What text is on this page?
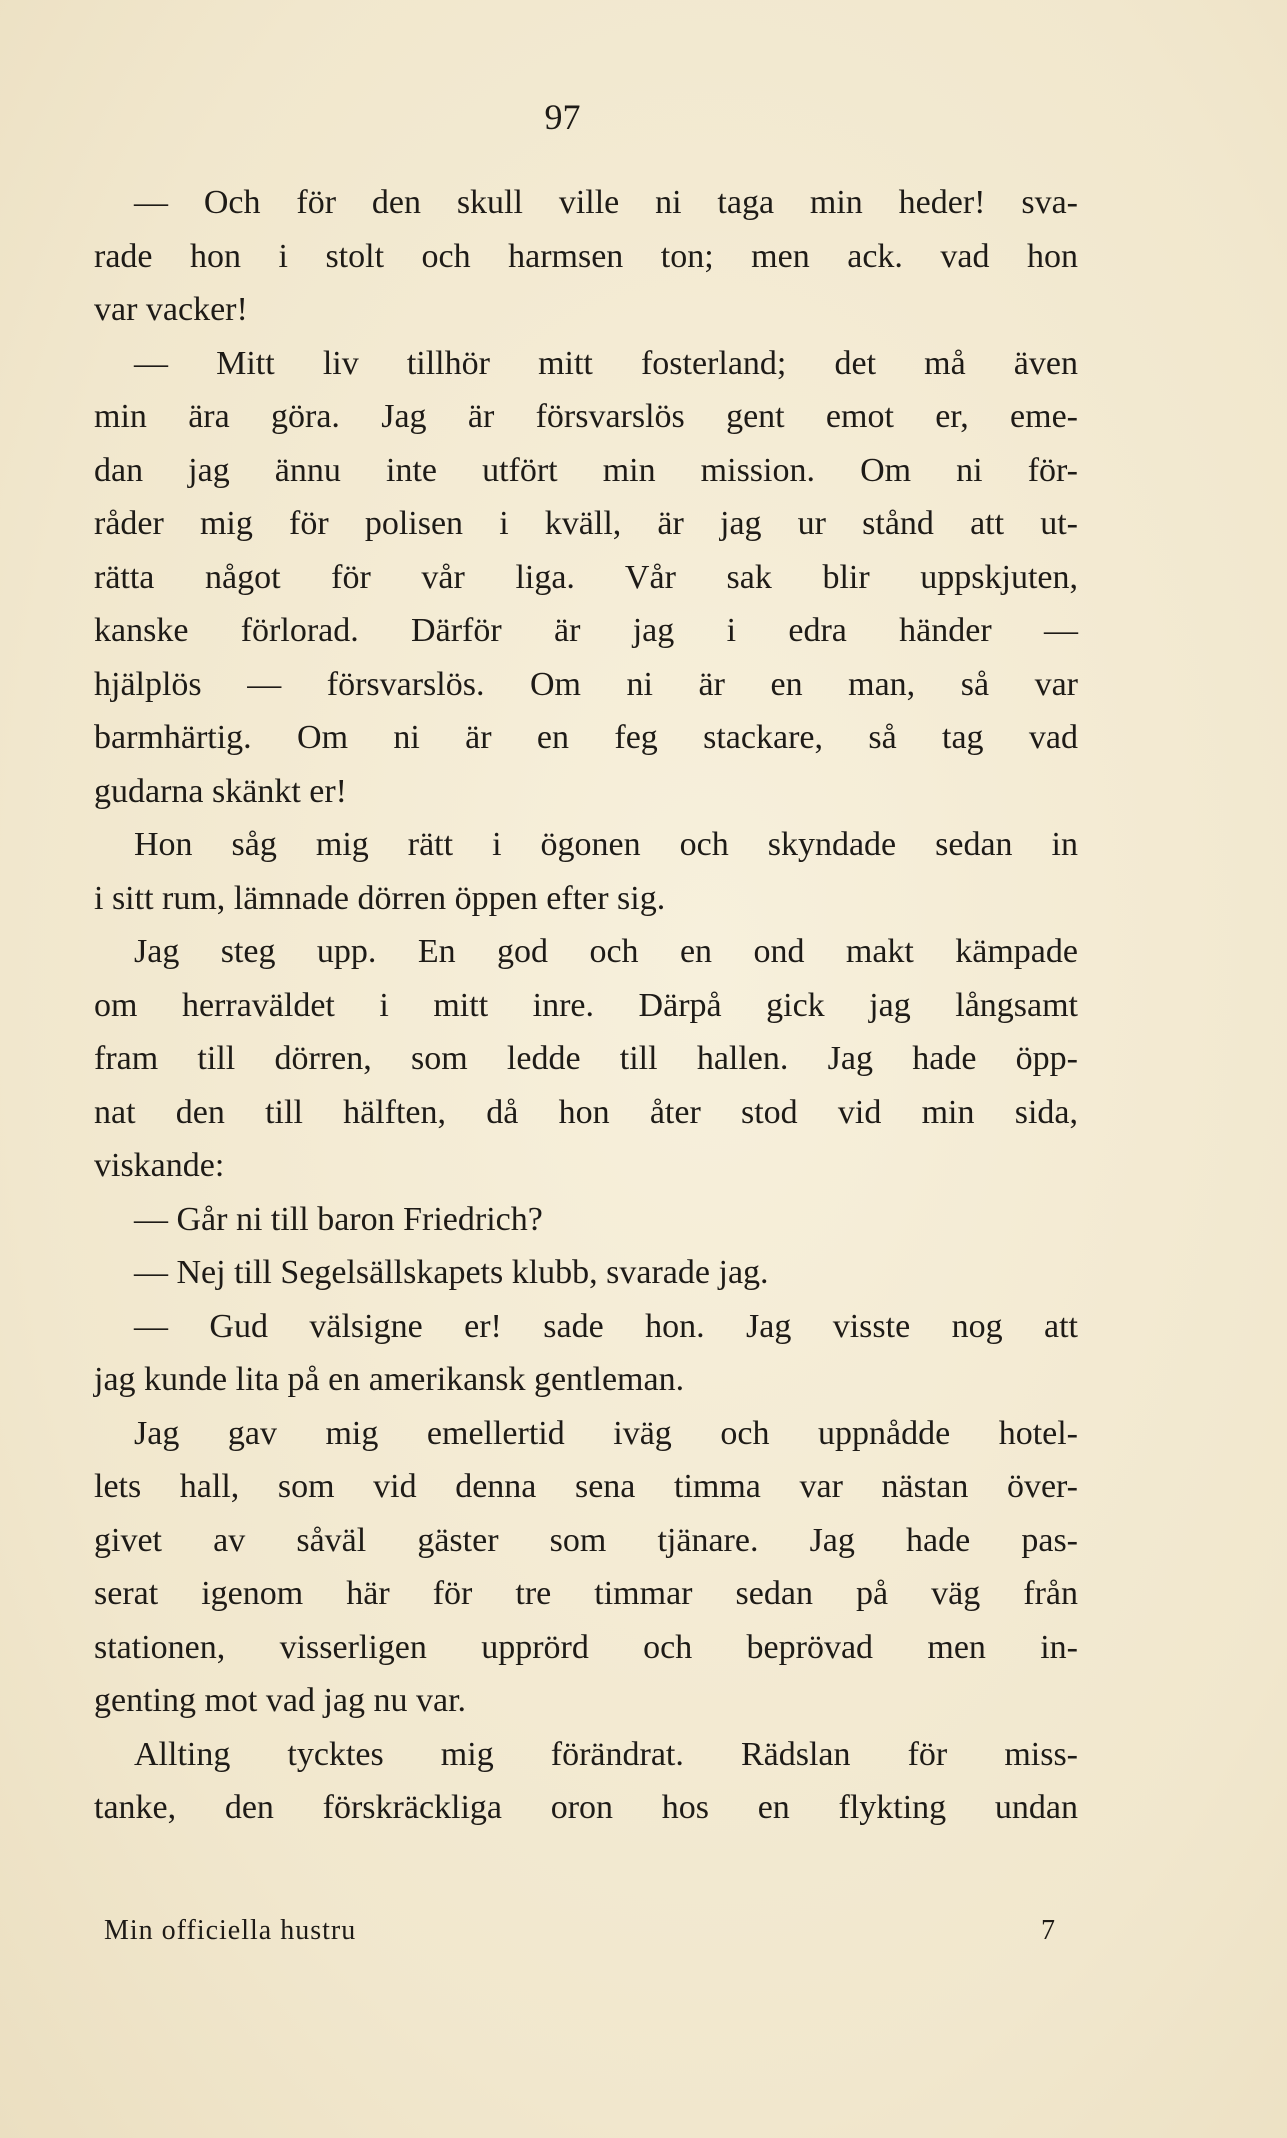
97
— Och för den skull ville ni taga min heder! sva-
rade hon i stolt och harmsen ton; men ack. vad hon
var vacker!
— Mitt liv tillhör mitt fosterland; det må även
min ära göra. Jag är försvarslös gent emot er, eme-
dan jag ännu inte utfört min mission. Om ni för-
råder mig för polisen i kväll, är jag ur stånd att ut-
rätta något för vår liga. Vår sak blir uppskjuten,
kanske förlorad. Därför är jag i edra händer —
hjälplös — försvarslös. Om ni är en man, så var
barmhärtig. Om ni är en feg stackare, så tag vad
gudarna skänkt er!
Hon såg mig rätt i ögonen och skyndade sedan in
i sitt rum, lämnade dörren öppen efter sig.
Jag steg upp. En god och en ond makt kämpade
om herraväldet i mitt inre. Därpå gick jag långsamt
fram till dörren, som ledde till hallen. Jag hade öpp-
nat den till hälften, då hon åter stod vid min sida,
viskande:
— Går ni till baron Friedrich?
— Nej till Segelsällskapets klubb, svarade jag.
— Gud välsigne er! sade hon. Jag visste nog att
jag kunde lita på en amerikansk gentleman.
Jag gav mig emellertid iväg och uppnådde hotel-
lets hall, som vid denna sena timma var nästan över-
givet av såväl gäster som tjänare. Jag hade pas-
serat igenom här för tre timmar sedan på väg från
stationen, visserligen upprörd och beprövad men in-
genting mot vad jag nu var.
Allting tycktes mig förändrat. Rädslan för miss-
tanke, den förskräckliga oron hos en flykting undan
Min officiella hustru	7
